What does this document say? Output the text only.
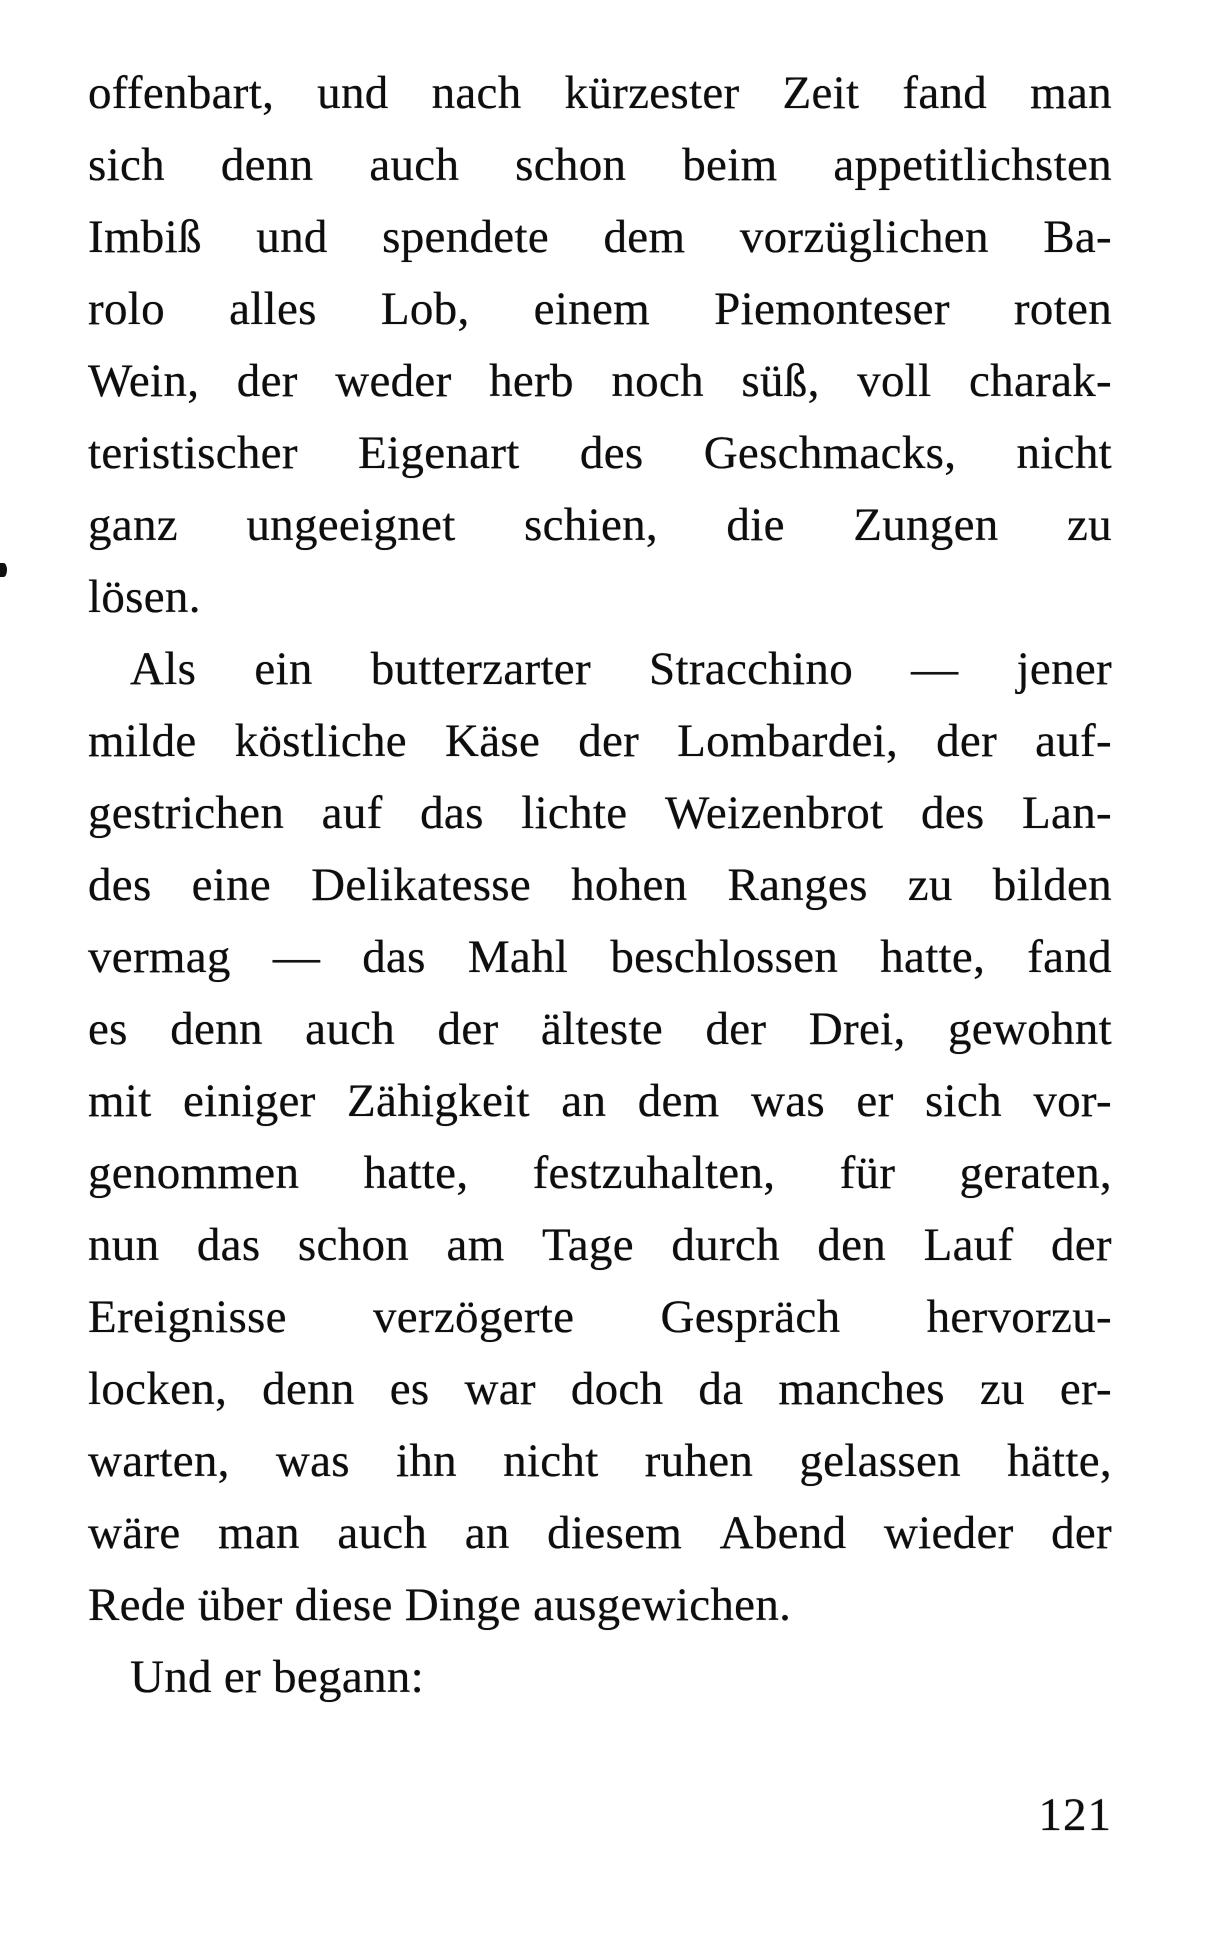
offenbart, und nach kürzester Zeit fand man
sich denn auch schon beim appetitlichsten
Imbiß und spendete dem vorzüglichen Ba-
rolo alles Lob, einem Piemonteser roten
Wein, der weder herb noch süß, voll charak-
teristischer Eigenart des Geschmacks, nicht
ganz ungeeignet schien, die Zungen zu
lösen.
Als ein butterzarter Stracchino — jener
milde köstliche Käse der Lombardei, der auf-
gestrichen auf das lichte Weizenbrot des Lan-
des eine Delikatesse hohen Ranges zu bilden
vermag — das Mahl beschlossen hatte, fand
es denn auch der älteste der Drei, gewohnt
mit einiger Zähigkeit an dem was er sich vor-
genommen hatte, festzuhalten, für geraten,
nun das schon am Tage durch den Lauf der
Ereignisse verzögerte Gespräch hervorzu-
locken, denn es war doch da manches zu er-
warten, was ihn nicht ruhen gelassen hätte,
wäre man auch an diesem Abend wieder der
Rede über diese Dinge ausgewichen.
Und er begann:
121
